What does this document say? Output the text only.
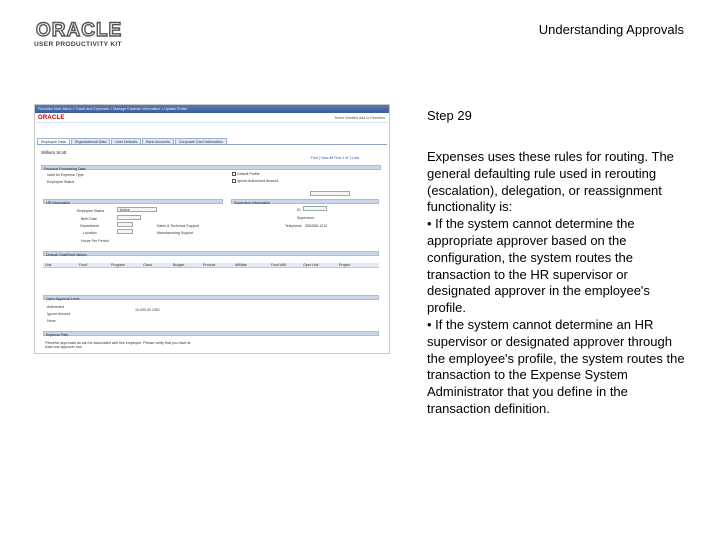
ORACLE
USER PRODUCTIVITY KIT
Understanding Approvals
Favorites Main Menu > Travel and Expenses > Manage Expense Information > Update Profile
ORACLE	Home Worklist Add to Favorites
Employee Data	Organizational Data	User Defaults	Bank Accounts	Corporate Card Information
William Scott
Find | View All First 1 of 1 Last
Personal Processing Data
Valid for Expense Type
Employee Status
Default Profile
Ignore Authorized Amount
HR Information	Supervisor Information
Employee Status	Active
Birth Date
Department	Sales & Technical Support
Location	Manufacturing Support
Hours Per Period
ID
Supervisor
Telephone 555/555-1212
Default ChartField Values
Unit	Fund	Program	Class	Budget	Product	Affiliate	Fund Affil	Oper Unit	Project
Open Approval Level
Authorized
10,000.00 USD
Ignore Amount
None
Expense Path
*Receive approvals as can be associated with this employee. Please verify that you have at least one approver row.
Step 29
Expenses uses these rules for routing. The general defaulting rule used in rerouting (escalation), delegation, or reassignment functionality is:
• If the system cannot determine the appropriate approver based on the configuration, the system routes the transaction to the HR supervisor or designated approver in the employee's profile.
• If the system cannot determine an HR supervisor or designated approver through the employee's profile, the system routes the transaction to the Expense System Administrator that you define in the transaction definition.
